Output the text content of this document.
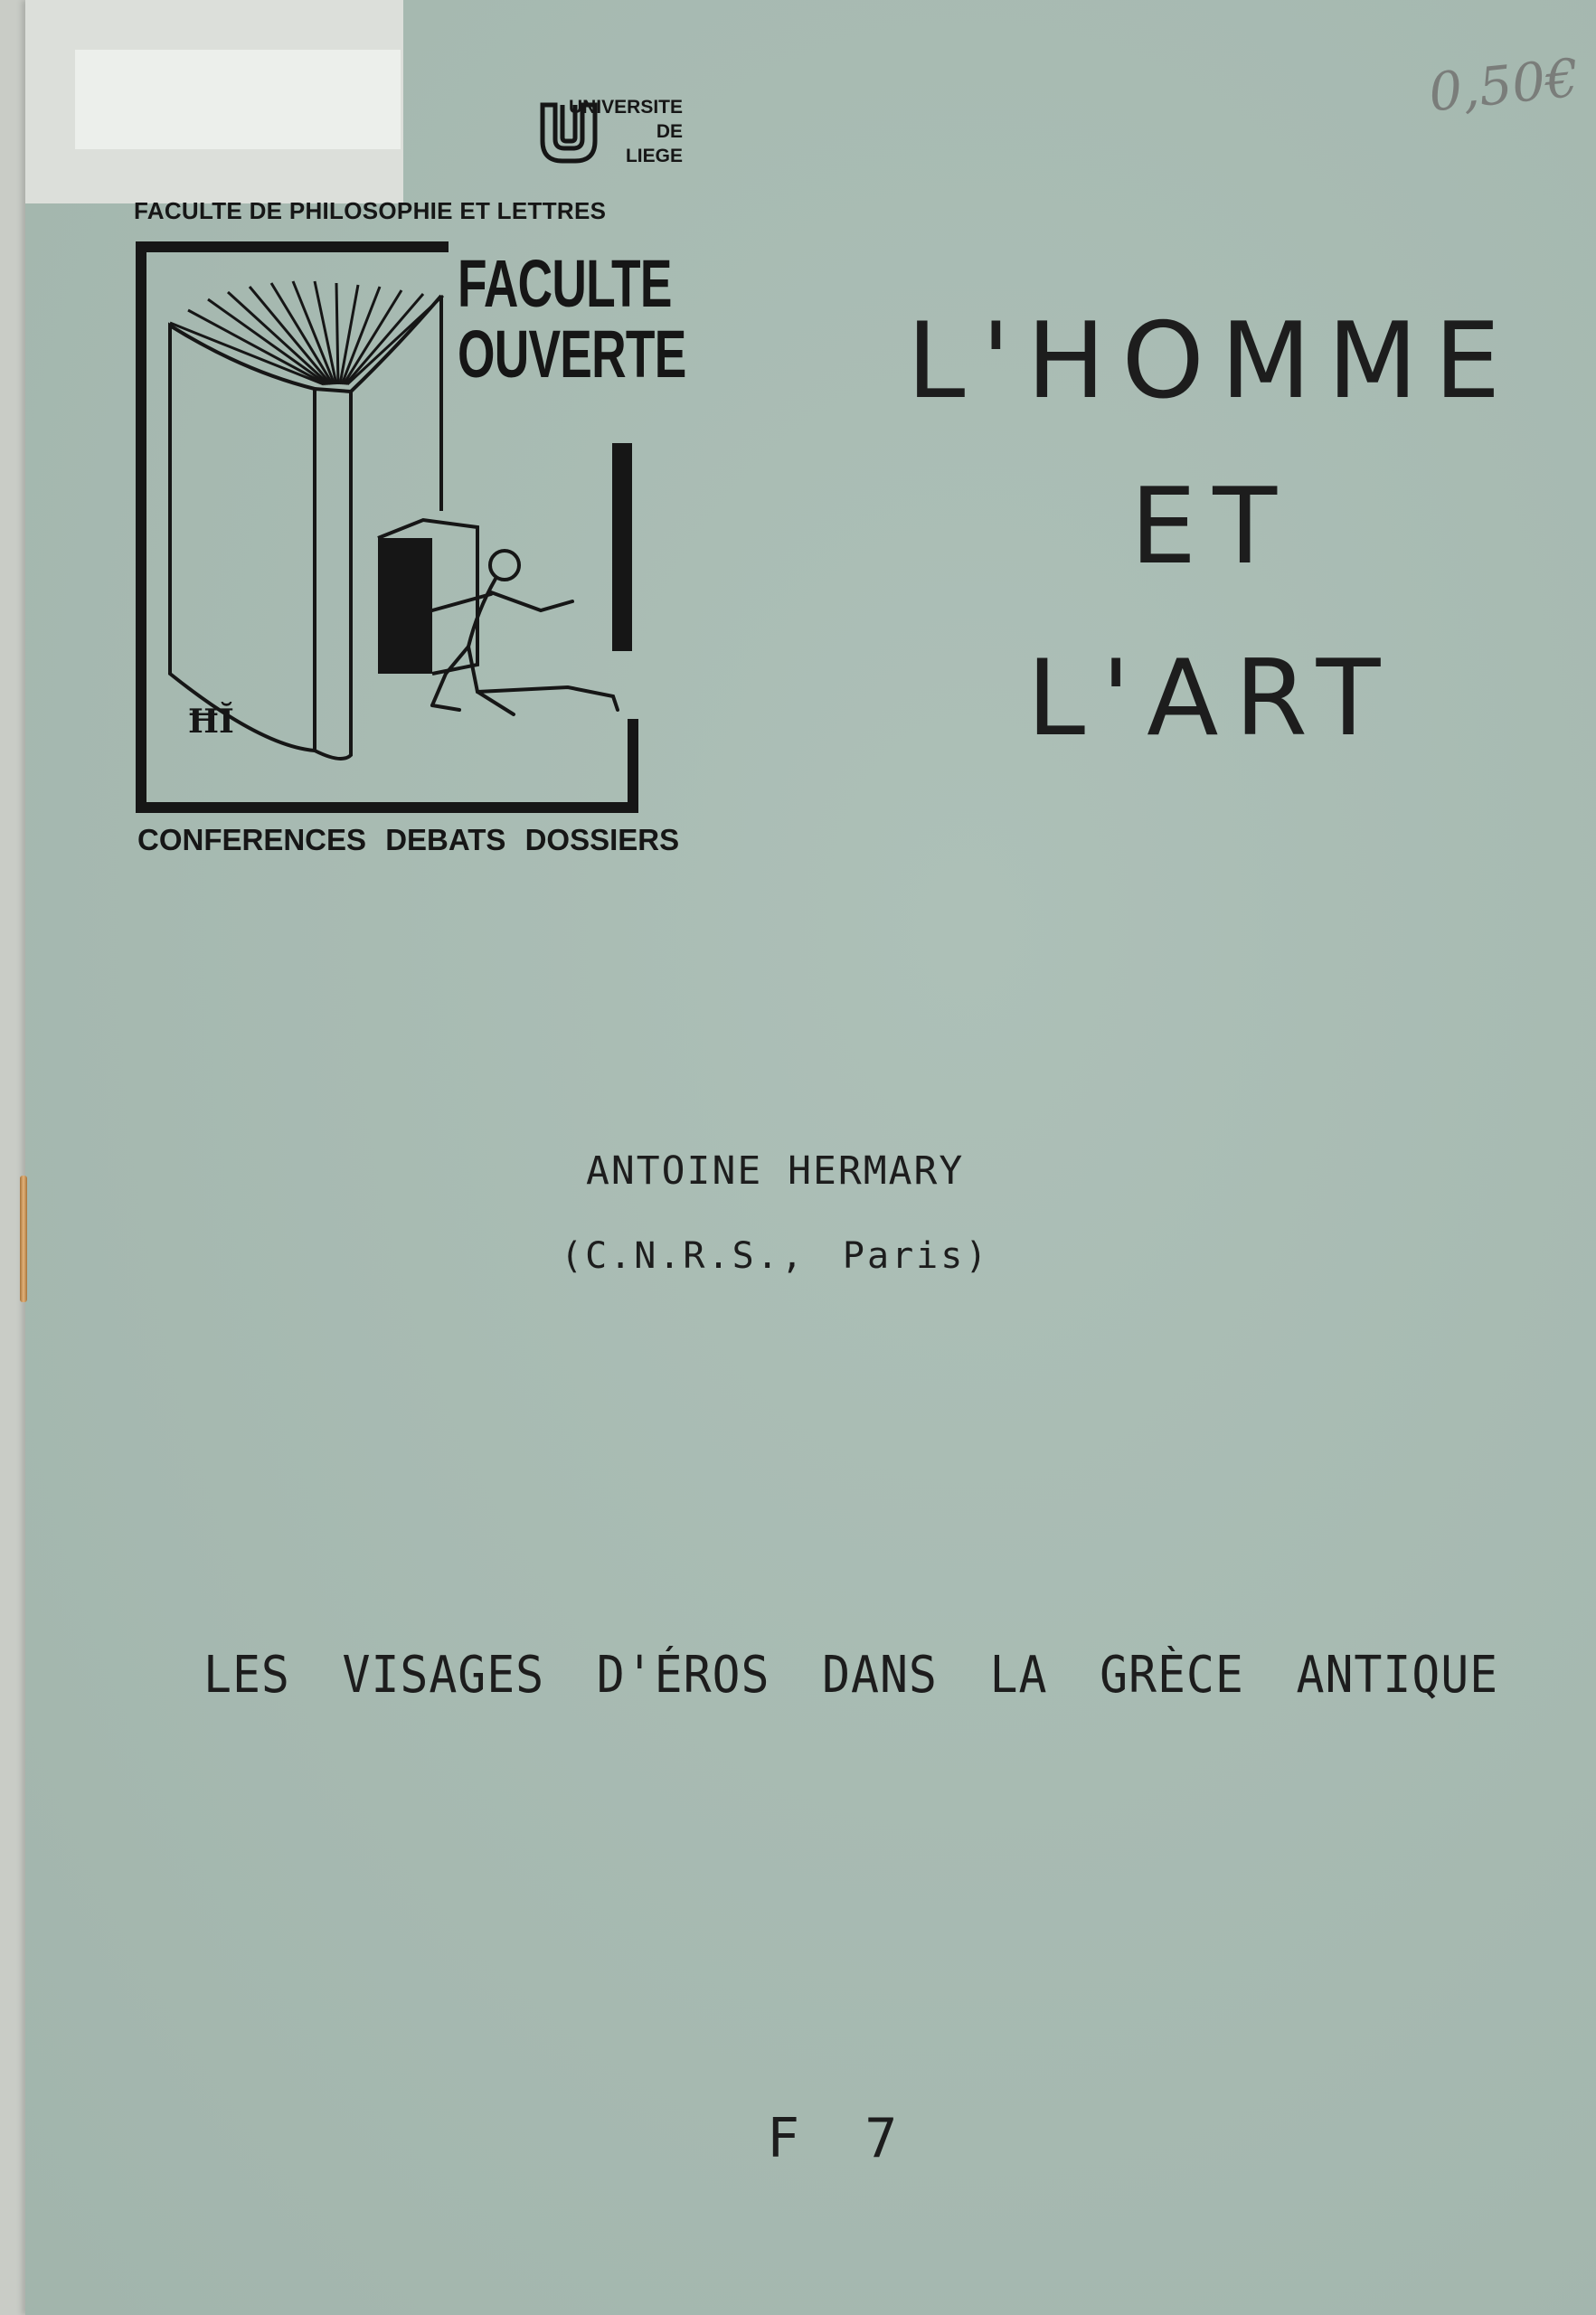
0,50€
UNIVERSITE
DE
LIEGE
FACULTE DE PHILOSOPHIE ET LETTRES
ĦĬ
FACULTE
OUVERTE
CONFERENCES DEBATS DOSSIERS
L'HOMME
ET
L'ART
ANTOINE HERMARY
(C.N.R.S., Paris)
LES VISAGES D'ÉROS DANS LA GRÈCE ANTIQUE
F 7
